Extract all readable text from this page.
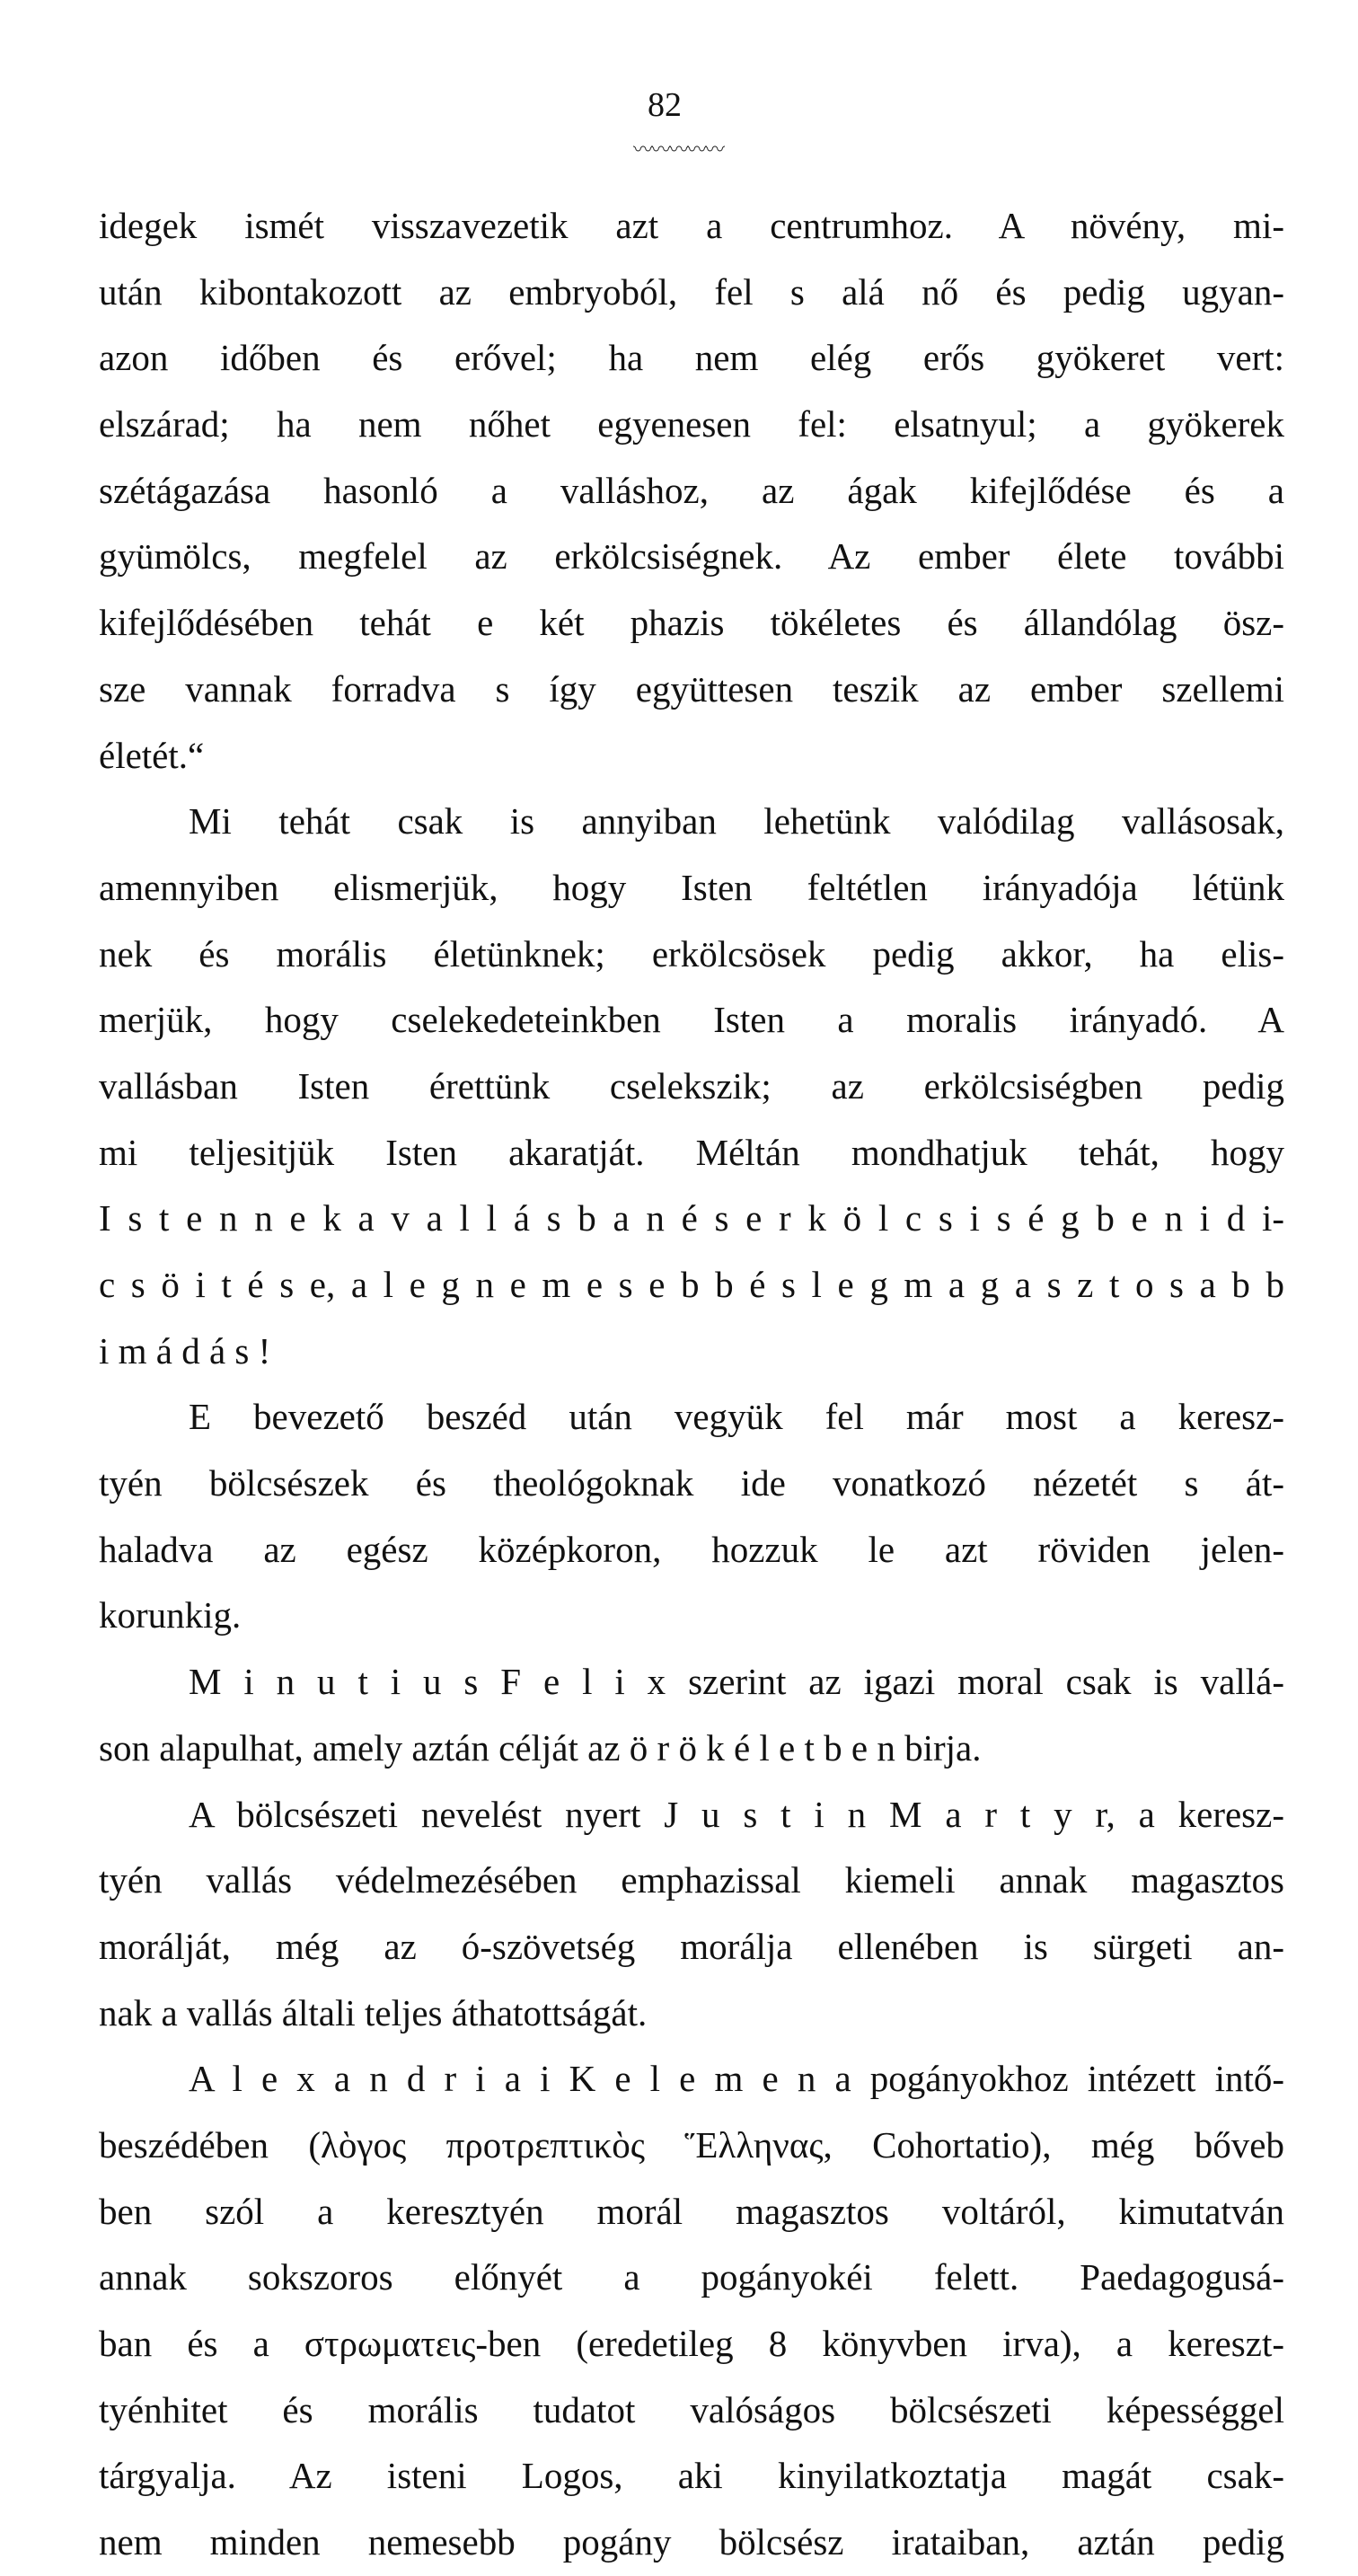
82
〰〰〰〰〰
idegek ismét visszavezetik azt a centrumhoz. A növény, mi-
után kibontakozott az embryoból, fel s alá nő és pedig ugyan-
azon időben és erővel; ha nem elég erős gyökeret vert:
elszárad; ha nem nőhet egyenesen fel: elsatnyul; a gyökerek
szétágazása hasonló a valláshoz, az ágak kifejlődése és a
gyümölcs, megfelel az erkölcsiségnek. Az ember élete további
kifejlődésében tehát e két phazis tökéletes és állandólag ösz-
sze vannak forradva s így együttesen teszik az ember szellemi
életét.“
Mi tehát csak is annyiban lehetünk valódilag vallásosak,
amennyiben elismerjük, hogy Isten feltétlen irányadója létünk
nek és morális életünknek; erkölcsösek pedig akkor, ha elis-
merjük, hogy cselekedeteinkben Isten a moralis irányadó. A
vallásban Isten érettünk cselekszik; az erkölcsiségben pedig
mi teljesitjük Isten akaratját. Méltán mondhatjuk tehát, hogy
I s t e n n e k a v a l l á s b a n é s e r k ö l c s i s é g b e n i d i-
c s ö i t é s e, a l e g n e m e s e b b é s l e g m a g a s z t o s a b b
i m á d á s !
E bevezető beszéd után vegyük fel már most a keresz-
tyén bölcsészek és theológoknak ide vonatkozó nézetét s át-
haladva az egész középkoron, hozzuk le azt röviden jelen-
korunkig.
M i n u t i u s F e l i x szerint az igazi moral csak is vallá-
son alapulhat, amely aztán célját az ö r ö k é l e t b e n birja.
A bölcsészeti nevelést nyert J u s t i n M a r t y r, a keresz-
tyén vallás védelmezésében emphazissal kiemeli annak magasztos
morálját, még az ó-szövetség morálja ellenében is sürgeti an-
nak a vallás általi teljes áthatottságát.
A l e x a n d r i a i K e l e m e n a pogányokhoz intézett intő-
beszédében (λὸγος προτρεπτικὸς Ἕλληνας, Cohortatio), még bőveb
ben szól a keresztyén morál magasztos voltáról, kimutatván
annak sokszoros előnyét a pogányokéi felett. Paedagogusá-
ban és a στρωματεις-ben (eredetileg 8 könyvben irva), a kereszt-
tyénhitet és morális tudatot valóságos bölcsészeti képességgel
tárgyalja. Az isteni Logos, aki kinyilatkoztatja magát csak-
nem minden nemesebb pogány bölcsész irataiban, aztán pedig
